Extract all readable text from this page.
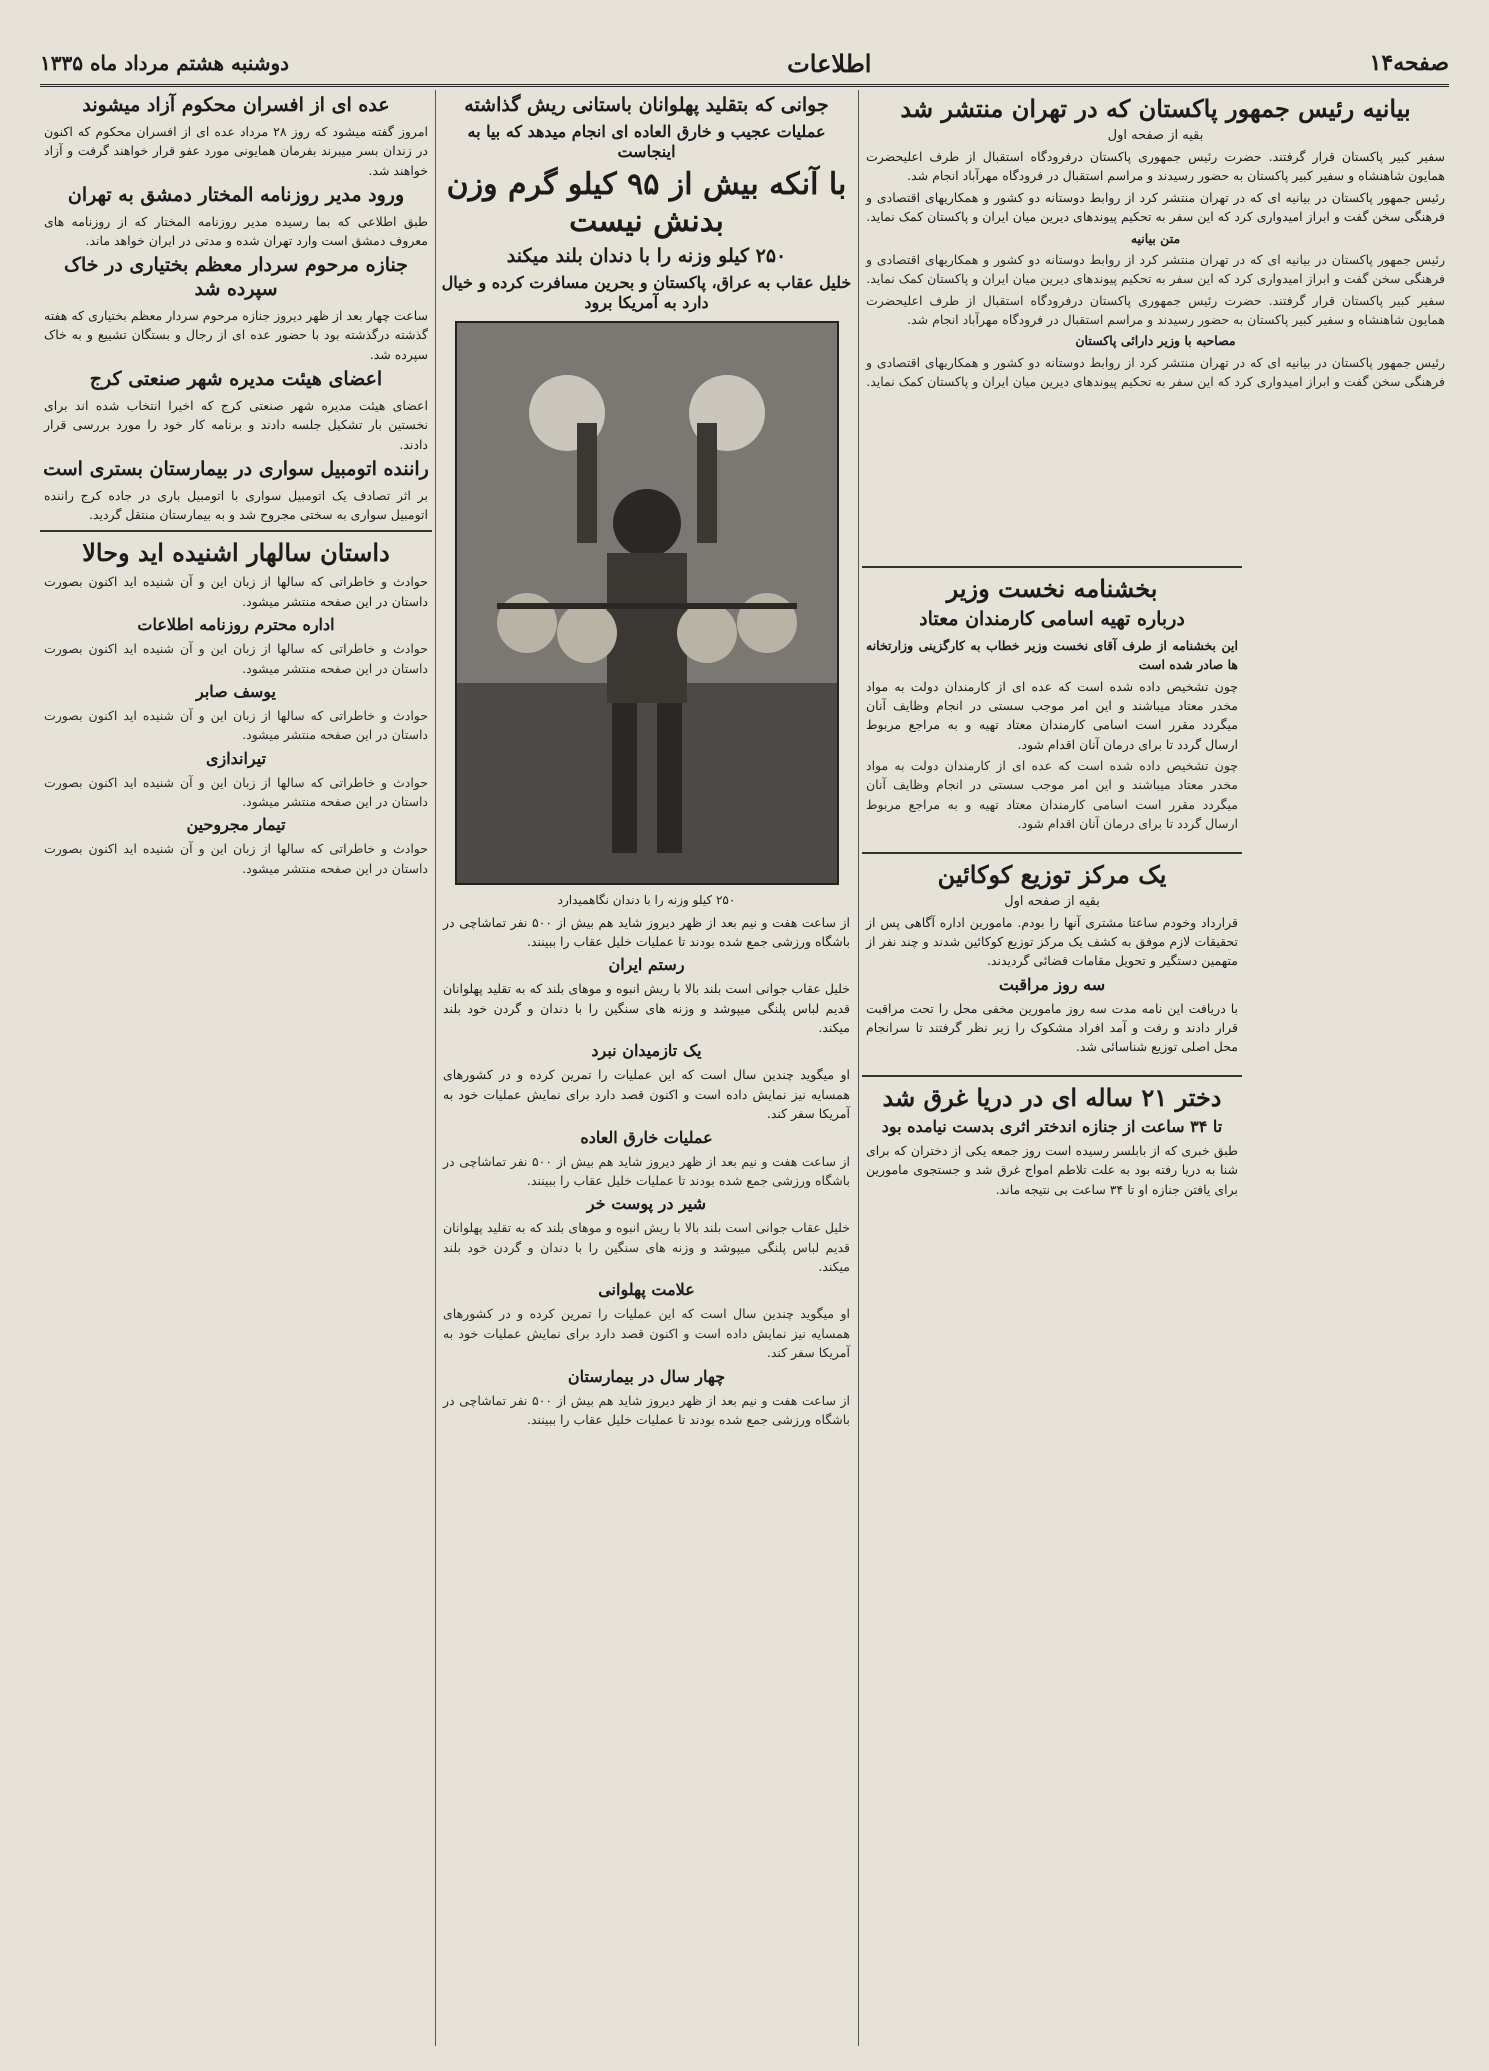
صفحه۱۴
اطلاعات
دوشنبه هشتم مرداد ماه ۱۳۳۵
بیانیه رئیس جمهور پاکستان که در تهران منتشر شد
بقیه از صفحه اول
سفیر کبیر پاکستان قرار گرفتند. حضرت رئیس جمهوری پاکستان درفرودگاه استقبال از طرف اعلیحضرت همایون شاهنشاه و سفیر کبیر پاکستان به حضور رسیدند و مراسم استقبال در فرودگاه مهرآباد انجام شد.
رئیس جمهور پاکستان در بیانیه ای که در تهران منتشر کرد از روابط دوستانه دو کشور و همکاریهای اقتصادی و فرهنگی سخن گفت و ابراز امیدواری کرد که این سفر به تحکیم پیوندهای دیرین میان ایران و پاکستان کمک نماید.
متن بیانیه
رئیس جمهور پاکستان در بیانیه ای که در تهران منتشر کرد از روابط دوستانه دو کشور و همکاریهای اقتصادی و فرهنگی سخن گفت و ابراز امیدواری کرد که این سفر به تحکیم پیوندهای دیرین میان ایران و پاکستان کمک نماید.
سفیر کبیر پاکستان قرار گرفتند. حضرت رئیس جمهوری پاکستان درفرودگاه استقبال از طرف اعلیحضرت همایون شاهنشاه و سفیر کبیر پاکستان به حضور رسیدند و مراسم استقبال در فرودگاه مهرآباد انجام شد.
مصاحبه با وزیر دارائی پاکستان
رئیس جمهور پاکستان در بیانیه ای که در تهران منتشر کرد از روابط دوستانه دو کشور و همکاریهای اقتصادی و فرهنگی سخن گفت و ابراز امیدواری کرد که این سفر به تحکیم پیوندهای دیرین میان ایران و پاکستان کمک نماید.
بخشنامه نخست وزیر
درباره تهیه اسامی کارمندان معتاد
این بخشنامه از طرف آقای نخست وزیر خطاب به کارگزینی وزارتخانه ها صادر شده است
چون تشخیص داده شده است که عده ای از کارمندان دولت به مواد مخدر معتاد میباشند و این امر موجب سستی در انجام وظایف آنان میگردد مقرر است اسامی کارمندان معتاد تهیه و به مراجع مربوط ارسال گردد تا برای درمان آنان اقدام شود.
چون تشخیص داده شده است که عده ای از کارمندان دولت به مواد مخدر معتاد میباشند و این امر موجب سستی در انجام وظایف آنان میگردد مقرر است اسامی کارمندان معتاد تهیه و به مراجع مربوط ارسال گردد تا برای درمان آنان اقدام شود.
یک مرکز توزیع کوکائین
بقیه از صفحه اول
قرارداد وخودم ساعتا مشتری آنها را بودم. مامورین اداره آگاهی پس از تحقیقات لازم موفق به کشف یک مرکز توزیع کوکائین شدند و چند نفر از متهمین دستگیر و تحویل مقامات قضائی گردیدند.
سه روز مراقبت
با دریافت این نامه مدت سه روز مامورین مخفی محل را تحت مراقبت قرار دادند و رفت و آمد افراد مشکوک را زیر نظر گرفتند تا سرانجام محل اصلی توزیع شناسائی شد.
دختر ۲۱ ساله ای در دریا غرق شد
تا ۳۴ ساعت از جنازه اندختر اثری بدست نیامده بود
طبق خبری که از بابلسر رسیده است روز جمعه یکی از دختران که برای شنا به دریا رفته بود به علت تلاطم امواج غرق شد و جستجوی مامورین برای یافتن جنازه او تا ۳۴ ساعت بی نتیجه ماند.
جوانی که بتقلید پهلوانان باستانی ریش گذاشته
عملیات عجیب و خارق العاده ای انجام میدهد که بیا به اینجاست
با آنکه بیش از ۹۵ کیلو گرم وزن بدنش نیست
۲۵۰ کیلو وزنه را با دندان بلند میکند
خلیل عقاب به عراق، پاکستان و بحرین مسافرت کرده و خیال دارد به آمریکا برود
۲۵۰ کیلو وزنه را با دندان نگاهمیدارد
از ساعت هفت و نیم بعد از ظهر دیروز شاید هم بیش از ۵۰۰ نفر تماشاچی در باشگاه ورزشی جمع شده بودند تا عملیات خلیل عقاب را ببینند.
رستم ایران
خلیل عقاب جوانی است بلند بالا با ریش انبوه و موهای بلند که به تقلید پهلوانان قدیم لباس پلنگی میپوشد و وزنه های سنگین را با دندان و گردن خود بلند میکند.
یک تازمیدان نبرد
او میگوید چندین سال است که این عملیات را تمرین کرده و در کشورهای همسایه نیز نمایش داده است و اکنون قصد دارد برای نمایش عملیات خود به آمریکا سفر کند.
عملیات خارق العاده
از ساعت هفت و نیم بعد از ظهر دیروز شاید هم بیش از ۵۰۰ نفر تماشاچی در باشگاه ورزشی جمع شده بودند تا عملیات خلیل عقاب را ببینند.
شیر در پوست خر
خلیل عقاب جوانی است بلند بالا با ریش انبوه و موهای بلند که به تقلید پهلوانان قدیم لباس پلنگی میپوشد و وزنه های سنگین را با دندان و گردن خود بلند میکند.
علامت پهلوانی
او میگوید چندین سال است که این عملیات را تمرین کرده و در کشورهای همسایه نیز نمایش داده است و اکنون قصد دارد برای نمایش عملیات خود به آمریکا سفر کند.
چهار سال در بیمارستان
از ساعت هفت و نیم بعد از ظهر دیروز شاید هم بیش از ۵۰۰ نفر تماشاچی در باشگاه ورزشی جمع شده بودند تا عملیات خلیل عقاب را ببینند.
عده ای از افسران محکوم آزاد میشوند
امروز گفته میشود که روز ۲۸ مرداد عده ای از افسران محکوم که اکنون در زندان بسر میبرند بفرمان همایونی مورد عفو قرار خواهند گرفت و آزاد خواهند شد.
ورود مدیر روزنامه المختار دمشق به تهران
طبق اطلاعی که بما رسیده مدیر روزنامه المختار که از روزنامه های معروف دمشق است وارد تهران شده و مدتی در ایران خواهد ماند.
جنازه مرحوم سردار معظم بختیاری در خاک سپرده شد
ساعت چهار بعد از ظهر دیروز جنازه مرحوم سردار معظم بختیاری که هفته گذشته درگذشته بود با حضور عده ای از رجال و بستگان تشییع و به خاک سپرده شد.
اعضای هیئت مدیره شهر صنعتی کرج
اعضای هیئت مدیره شهر صنعتی کرج که اخیرا انتخاب شده اند برای نخستین بار تشکیل جلسه دادند و برنامه کار خود را مورد بررسی قرار دادند.
راننده اتومبیل سواری در بیمارستان بستری است
بر اثر تصادف یک اتومبیل سواری با اتومبیل باری در جاده کرج راننده اتومبیل سواری به سختی مجروح شد و به بیمارستان منتقل گردید.
داستان سالهار اشنیده اید وحالا
حوادث و خاطراتی که سالها از زبان این و آن شنیده اید اکنون بصورت داستان در این صفحه منتشر میشود.
اداره محترم روزنامه اطلاعات
حوادث و خاطراتی که سالها از زبان این و آن شنیده اید اکنون بصورت داستان در این صفحه منتشر میشود.
یوسف صابر
حوادث و خاطراتی که سالها از زبان این و آن شنیده اید اکنون بصورت داستان در این صفحه منتشر میشود.
تیراندازی
حوادث و خاطراتی که سالها از زبان این و آن شنیده اید اکنون بصورت داستان در این صفحه منتشر میشود.
تیمار مجروحین
حوادث و خاطراتی که سالها از زبان این و آن شنیده اید اکنون بصورت داستان در این صفحه منتشر میشود.
